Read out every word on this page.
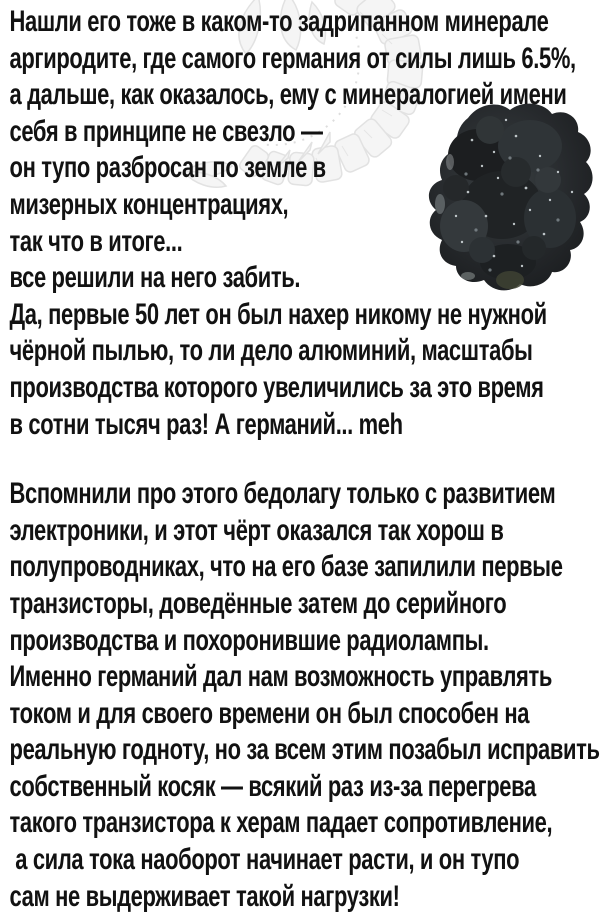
Нашли его тоже в каком-то задрипанном минерале
аргиродите, где самого германия от силы лишь 6.5%,
а дальше, как оказалось, ему с минералогией имени
себя в принципе не свезло —
он тупо разбросан по земле в
мизерных концентрациях,
так что в итоге...
все решили на него забить.
Да, первые 50 лет он был нахер никому не нужной
чёрной пылью, то ли дело алюминий, масштабы
производства которого увеличились за это время
в сотни тысяч раз! А германий... meh
Вспомнили про этого бедолагу только с развитием
электроники, и этот чёрт оказался так хорош в
полупроводниках, что на его базе запилили первые
транзисторы, доведённые затем до серийного
производства и похоронившие радиолампы.
Именно германий дал нам возможность управлять
током и для своего времени он был способен на
реальную годноту, но за всем этим позабыл исправить
собственный косяк — всякий раз из-за перегрева
такого транзистора к херам падает сопротивление,
а сила тока наоборот начинает расти, и он тупо
сам не выдерживает такой нагрузки!
